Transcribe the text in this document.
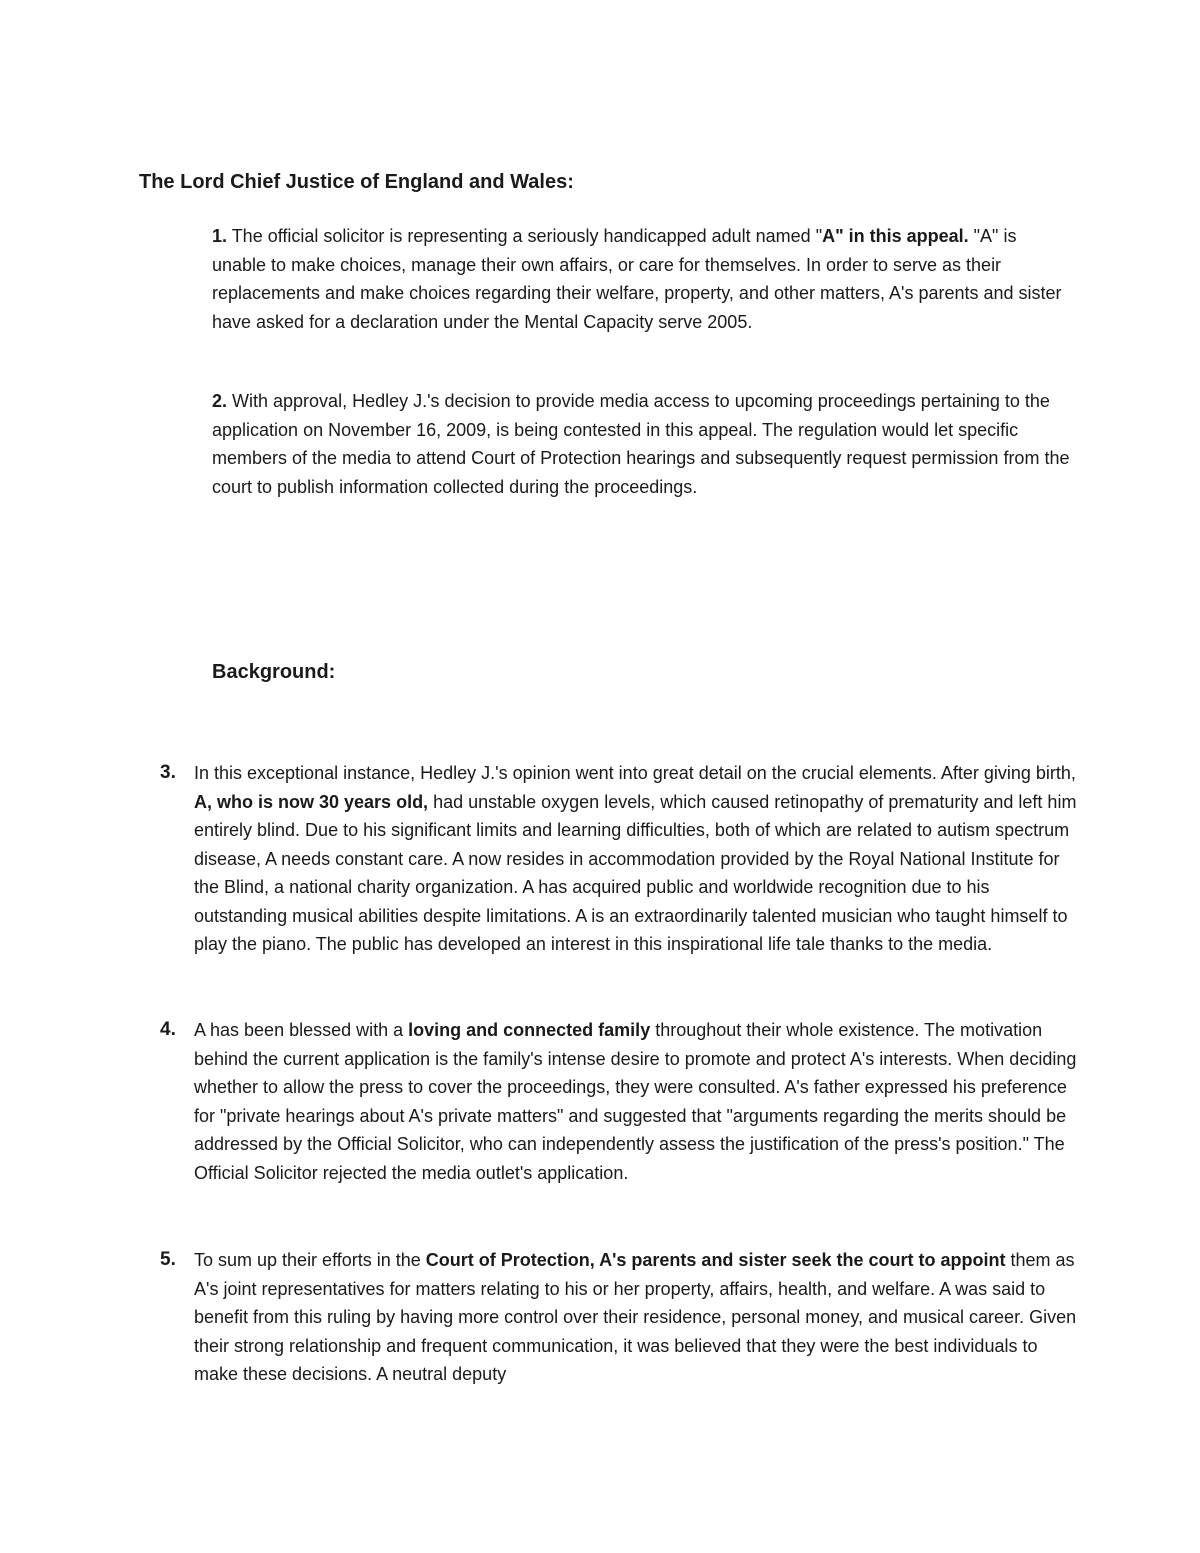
The Lord Chief Justice of England and Wales:

1. The official solicitor is representing a seriously handicapped adult named "A" in this appeal. "A" is unable to make choices, manage their own affairs, or care for themselves. In order to serve as their replacements and make choices regarding their welfare, property, and other matters, A's parents and sister have asked for a declaration under the Mental Capacity serve 2005.

2. With approval, Hedley J.'s decision to provide media access to upcoming proceedings pertaining to the application on November 16, 2009, is being contested in this appeal. The regulation would let specific members of the media to attend Court of Protection hearings and subsequently request permission from the court to publish information collected during the proceedings.

Background:

3. In this exceptional instance, Hedley J.'s opinion went into great detail on the crucial elements. After giving birth, A, who is now 30 years old, had unstable oxygen levels, which caused retinopathy of prematurity and left him entirely blind. Due to his significant limits and learning difficulties, both of which are related to autism spectrum disease, A needs constant care. A now resides in accommodation provided by the Royal National Institute for the Blind, a national charity organization. A has acquired public and worldwide recognition due to his outstanding musical abilities despite limitations. A is an extraordinarily talented musician who taught himself to play the piano. The public has developed an interest in this inspirational life tale thanks to the media.

4. A has been blessed with a loving and connected family throughout their whole existence. The motivation behind the current application is the family's intense desire to promote and protect A's interests. When deciding whether to allow the press to cover the proceedings, they were consulted. A's father expressed his preference for "private hearings about A's private matters" and suggested that "arguments regarding the merits should be addressed by the Official Solicitor, who can independently assess the justification of the press's position." The Official Solicitor rejected the media outlet's application.

5. To sum up their efforts in the Court of Protection, A's parents and sister seek the court to appoint them as A's joint representatives for matters relating to his or her property, affairs, health, and welfare. A was said to benefit from this ruling by having more control over their residence, personal money, and musical career. Given their strong relationship and frequent communication, it was believed that they were the best individuals to make these decisions. A neutral deputy
